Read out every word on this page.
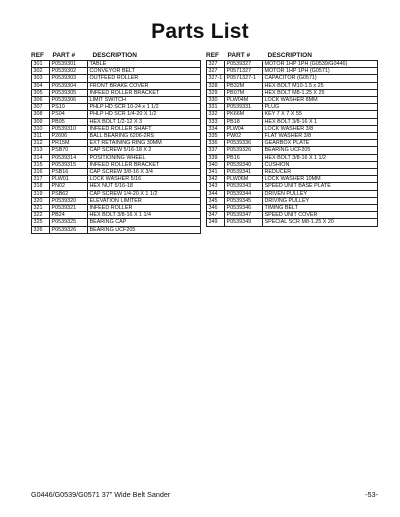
Parts List
REF	PART #	DESCRIPTION
301	P0539301	TABLE
302	P0539302	CONVEYOR BELT
303	P0539303	OUTFEED ROLLER
304	P0539304	FRONT BRAKE COVER
305	P0539305	INFEED ROLLER BRACKET
306	P0539306	LIMIT SWITCH
307	PS10	PHLP HD SCR 10-24 x 1 1/2
308	PS04	PHLP HD SCR 1/4-20 X 1/2
309	PB95	HEX BOLT 1/2-12 X 3
310	P0539310	INFEED ROLLER SHAFT
311	P2606	BALL BEARING 6206-2RS
312	PR15M	EXT RETAINING RING 30MM
313	PSB70	CAP SCREW 5/16-18 X 2
314	P0539314	POSITIONING WHEEL
315	P0539315	INFEED ROLLER BRACKET
316	PSB16	CAP SCREW 3/8-16 X 3/4
317	PLW01	LOCK WASHER 5/16
318	PN02	HEX NUT 5/16-18
319	PSB62	CAP SCREW 1/4-20 X 1 1/2
320	P0539320	ELEVATION LIMITER
321	P0539321	INFEED ROLLER
322	PB24	HEX BOLT 3/8-16 X 1 1/4
325	P0539325	BEARING CAP
326	P0539326	BEARING UCF205
REF	PART #	DESCRIPTION
327	P0539327	MOTOR 1HP 1PH (G0539/G0446)
327	P0571327	MOTOR 1HP 1PH (G0571)
327-1	P0571327-1	CAPACITOR (G0571)
328	PB32M	HEX BOLT M10-1.5 x 25
329	PB07M	HEX BOLT M8-1.25 X 25
330	PLW04M	LOCK WASHER 8MM
331	P0539331	PLUG
332	PK66M	KEY 7 X 7 X 55
333	PB18	HEX BOLT 3/8-16 X 1
334	PLW04	LOCK WASHER 3/8
335	PW02	FLAT WASHER 3/8
336	P0539336	GEARBOX PLATE
337	P0539326	BEARING UCF205
339	PB16	HEX BOLT 3/8-16 X 1 1/2
340	P0539340	CUSHION
341	P0539341	REDUCER
342	PLW06M	LOCK WASHER 10MM
343	P0539343	SPEED UNIT BASE PLATE
344	P0539344	DRIVEN PULLEY
345	P0539345	DRIVING PULLEY
346	P0539346	TIMING BELT
347	P0539347	SPEED UNIT COVER
349	P0539349	SPECIAL SCR M8-1.25 X 20
G0446/G0539/G0571 37" Wide Belt Sander	-53-
